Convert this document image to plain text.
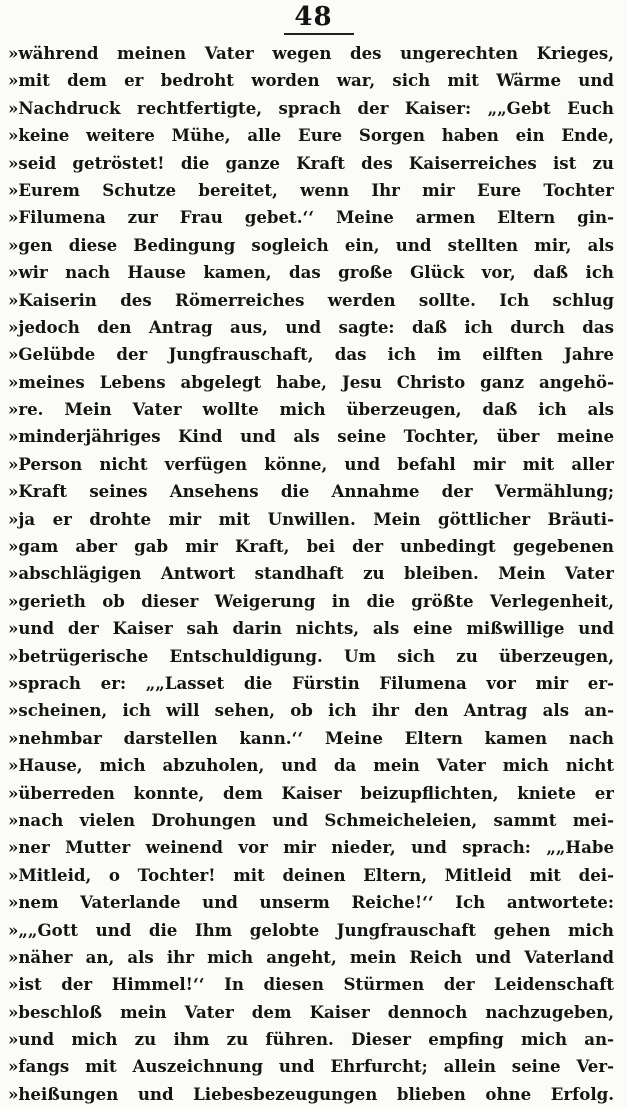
48
»während meinen Vater wegen des ungerechten Krieges,
»mit dem er bedroht worden war, sich mit Wärme und
»Nachdruck rechtfertigte, sprach der Kaiser: „„Gebt Euch
»keine weitere Mühe, alle Eure Sorgen haben ein Ende,
»seid getröstet! die ganze Kraft des Kaiserreiches ist zu
»Eurem Schutze bereitet, wenn Ihr mir Eure Tochter
»Filumena zur Frau gebet.‘‘ Meine armen Eltern gin-
»gen diese Bedingung sogleich ein, und stellten mir, als
»wir nach Hause kamen, das große Glück vor, daß ich
»Kaiserin des Römerreiches werden sollte. Ich schlug
»jedoch den Antrag aus, und sagte: daß ich durch das
»Gelübde der Jungfrauschaft, das ich im eilften Jahre
»meines Lebens abgelegt habe, Jesu Christo ganz angehö-
»re. Mein Vater wollte mich überzeugen, daß ich als
»minderjähriges Kind und als seine Tochter, über meine
»Person nicht verfügen könne, und befahl mir mit aller
»Kraft seines Ansehens die Annahme der Vermählung;
»ja er drohte mir mit Unwillen. Mein göttlicher Bräuti-
»gam aber gab mir Kraft, bei der unbedingt gegebenen
»abschlägigen Antwort standhaft zu bleiben. Mein Vater
»gerieth ob dieser Weigerung in die größte Verlegenheit,
»und der Kaiser sah darin nichts, als eine mißwillige und
»betrügerische Entschuldigung. Um sich zu überzeugen,
»sprach er: „„Lasset die Fürstin Filumena vor mir er-
»scheinen, ich will sehen, ob ich ihr den Antrag als an-
»nehmbar darstellen kann.‘‘ Meine Eltern kamen nach
»Hause, mich abzuholen, und da mein Vater mich nicht
»überreden konnte, dem Kaiser beizupflichten, kniete er
»nach vielen Drohungen und Schmeicheleien, sammt mei-
»ner Mutter weinend vor mir nieder, und sprach: „„Habe
»Mitleid, o Tochter! mit deinen Eltern, Mitleid mit dei-
»nem Vaterlande und unserm Reiche!‘‘ Ich antwortete:
»„„Gott und die Ihm gelobte Jungfrauschaft gehen mich
»näher an, als ihr mich angeht, mein Reich und Vaterland
»ist der Himmel!‘‘ In diesen Stürmen der Leidenschaft
»beschloß mein Vater dem Kaiser dennoch nachzugeben,
»und mich zu ihm zu führen. Dieser empfing mich an-
»fangs mit Auszeichnung und Ehrfurcht; allein seine Ver-
»heißungen und Liebesbezeugungen blieben ohne Erfolg.
